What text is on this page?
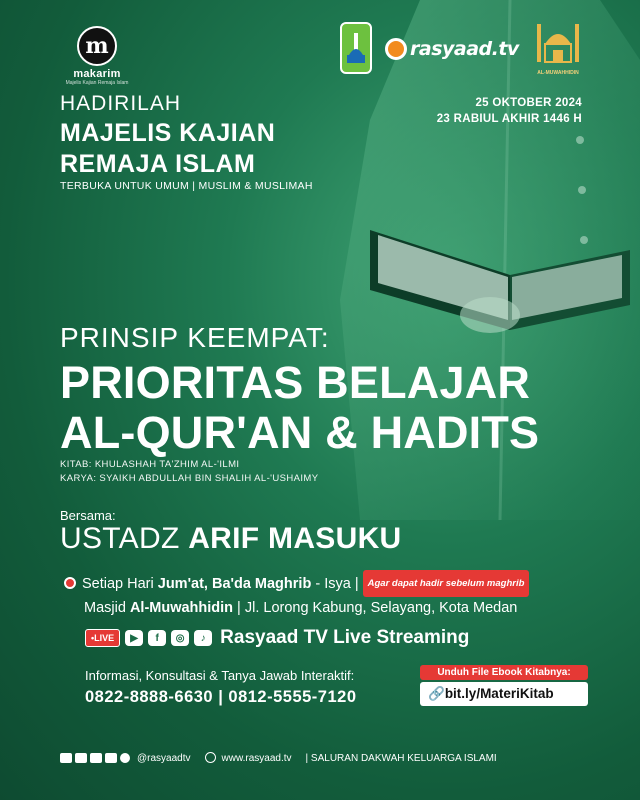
m
makarim
Majelis Kajian Remaja Islam
rasyaad.tv
AL-MUWAHHIDIN
25 OKTOBER 2024
23 RABIUL AKHIR 1446 H
HADIRILAH
MAJELIS KAJIAN
REMAJA ISLAM
TERBUKA UNTUK UMUM | MUSLIM & MUSLIMAH
PRINSIP KEEMPAT:
PRIORITAS BELAJAR
AL-QUR'AN & HADITS
KITAB: KHULASHAH TA'ZHIM AL-'ILMI
KARYA: SYAIKH ABDULLAH BIN SHALIH AL-'USHAIMY
Bersama:
USTADZ ARIF MASUKU
Setiap Hari Jum'at, Ba'da Maghrib - Isya | Agar dapat hadir sebelum maghrib
Masjid Al-Muwahhidin | Jl. Lorong Kabung, Selayang, Kota Medan
•LIVE	▶	f	◎	♪ Rasyaad TV Live Streaming
Informasi, Konsultasi & Tanya Jawab Interaktif:
0822-8888-6630 | 0812-5555-7120
Unduh File Ebook Kitabnya:
🔗bit.ly/MateriKitab
@rasyaadtv	www.rasyaad.tv | SALURAN DAKWAH KELUARGA ISLAMI
